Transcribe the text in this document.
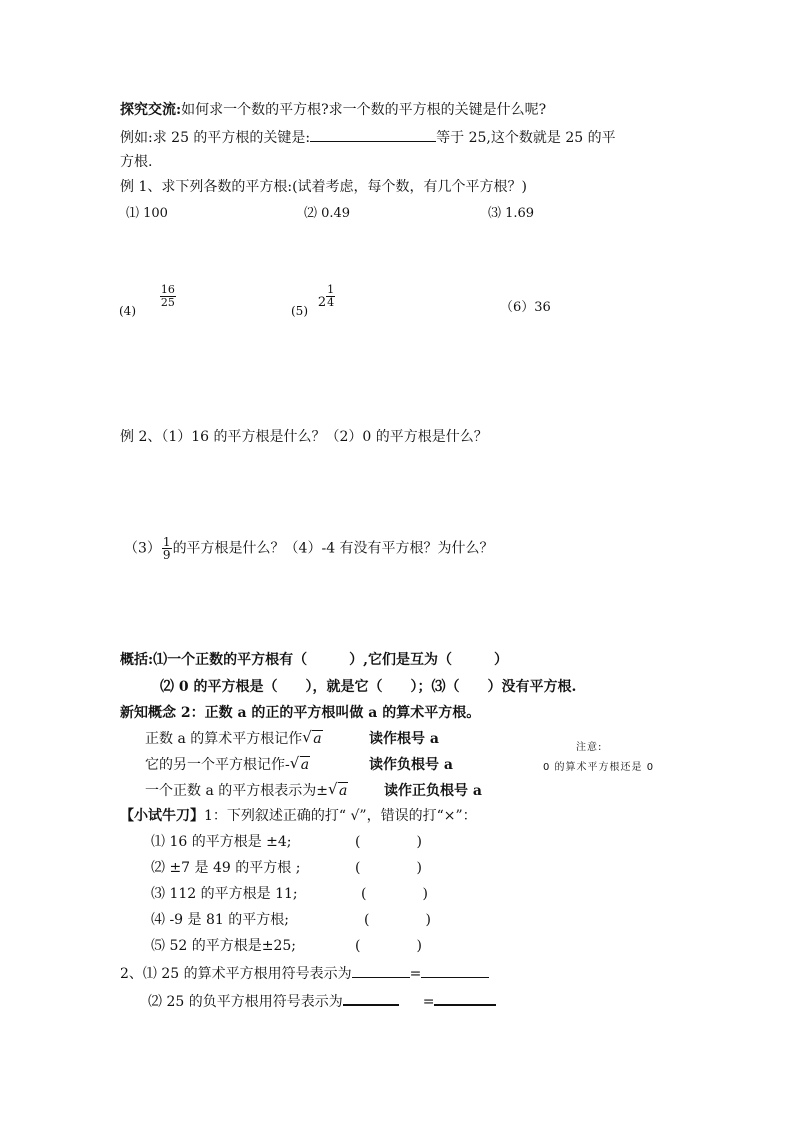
探究交流:如何求一个数的平方根?求一个数的平方根的关键是什么呢?
例如:求 25 的平方根的关键是:	等于 25,这个数就是 25 的平
方根.
例 1、求下列各数的平方根:(试着考虑，每个数，有几个平方根？)
⑴ 100	⑵ 0.49	⑶ 1.69
(4)
$\frac{16}{25}$
(5) $2 \frac{1}{4}$	（6）36
例 2、（1）16 的平方根是什么？（2）0 的平方根是什么？
$(3) \frac{1}{9}$ 的平方根是什么？（4）-4 有没有平方根？为什么？
概括:⑴一个正数的平方根有（　　　）,它们是互为（　　　）
⑵ 0 的平方根是（　　），就是它（　　）；⑶（　　）没有平方根.
新知概念 2：正数 a 的正的平方根叫做 a 的算术平方根。
正数 a 的算术平方根记作 √ a	读作根号 a
它的另一个平方根记作- √ a	读作负根号 a
一个正数 a 的平方根表示为± √ a	读作正负根号 a
注意:
0 的算术平方根还是 0
【小试牛刀】1：下列叙述正确的打“ √”，错误的打“×”：
⑴ 16 的平方根是 ±4;	(　　　　)
⑵ ±7 是 49 的平方根 ;	(　　　　)
⑶ 112 的平方根是 11;	(　　　　)
⑷ -9 是 81 的平方根;	(　　　　)
⑸ 52 的平方根是±25;	(　　　　)
2、⑴ 25 的算术平方根用符号表示为	=
⑵ 25 的负平方根用符号表示为	=
